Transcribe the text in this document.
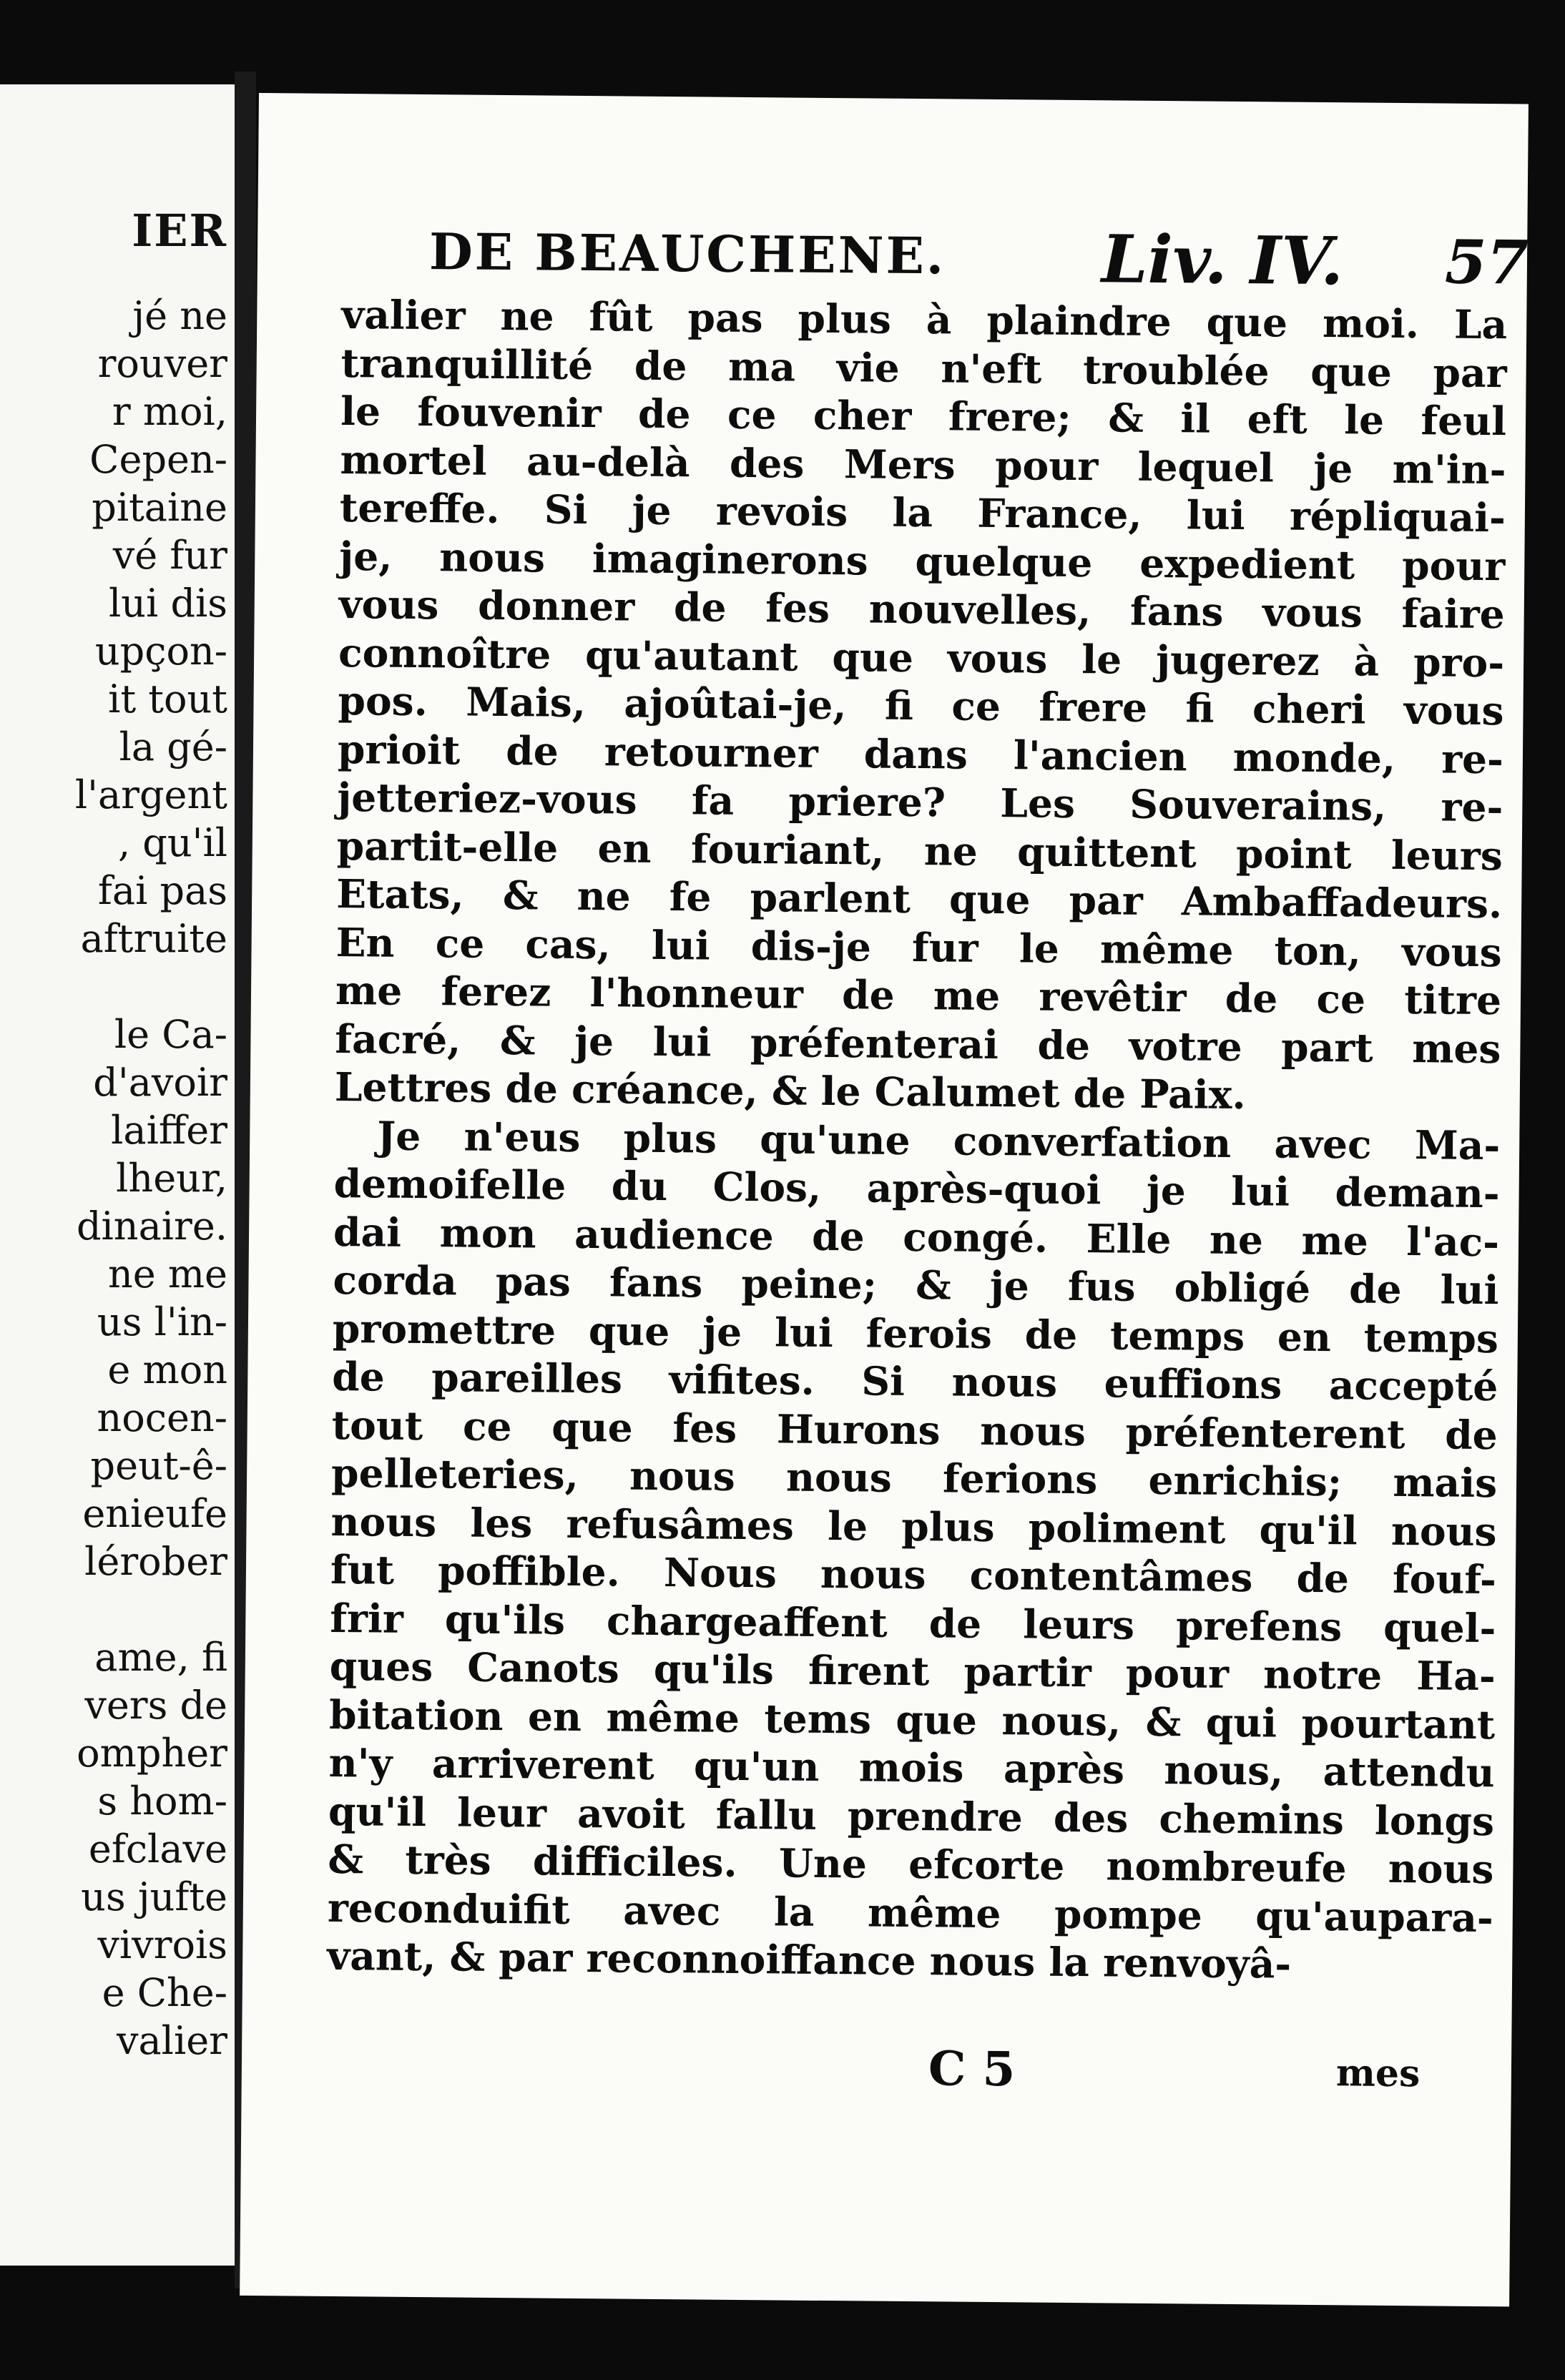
IER
jé ne
rouver
r moi,
Cepen-
pitaine
vé fur
lui dis
upçon-
it tout
la gé-
l'argent
, qu'il
fai pas
aftruite
le Ca-
d'avoir
laiffer
lheur,
dinaire.
ne me
us l'in-
e mon
nocen-
peut-ê-
enieufe
lérober
ame, fi
vers de
ompher
s hom-
efclave
us jufte
vivrois
e Che-
valier
DE BEAUCHENE. Liv. IV. 57
valier ne fût pas plus à plaindre que moi. La
tranquillité de ma vie n'eft troublée que par
le fouvenir de ce cher frere; & il eft le feul
mortel au-delà des Mers pour lequel je m'in-
tereffe. Si je revois la France, lui répliquai-
je, nous imaginerons quelque expedient pour
vous donner de fes nouvelles, fans vous faire
connoître qu'autant que vous le jugerez à pro-
pos. Mais, ajoûtai-je, fi ce frere fi cheri vous
prioit de retourner dans l'ancien monde, re-
jetteriez-vous fa priere? Les Souverains, re-
partit-elle en fouriant, ne quittent point leurs
Etats, & ne fe parlent que par Ambaffadeurs.
En ce cas, lui dis-je fur le même ton, vous
me ferez l'honneur de me revêtir de ce titre
facré, & je lui préfenterai de votre part mes
Lettres de créance, & le Calumet de Paix.
Je n'eus plus qu'une converfation avec Ma-
demoifelle du Clos, après-quoi je lui deman-
dai mon audience de congé. Elle ne me l'ac-
corda pas fans peine; & je fus obligé de lui
promettre que je lui ferois de temps en temps
de pareilles vifites. Si nous euffions accepté
tout ce que fes Hurons nous préfenterent de
pelleteries, nous nous ferions enrichis; mais
nous les refusâmes le plus poliment qu'il nous
fut poffible. Nous nous contentâmes de fouf-
frir qu'ils chargeaffent de leurs prefens quel-
ques Canots qu'ils firent partir pour notre Ha-
bitation en même tems que nous, & qui pourtant
n'y arriverent qu'un mois après nous, attendu
qu'il leur avoit fallu prendre des chemins longs
& très difficiles. Une efcorte nombreufe nous
reconduifit avec la même pompe qu'aupara-
vant, & par reconnoiffance nous la renvoyâ-
C 5	mes
